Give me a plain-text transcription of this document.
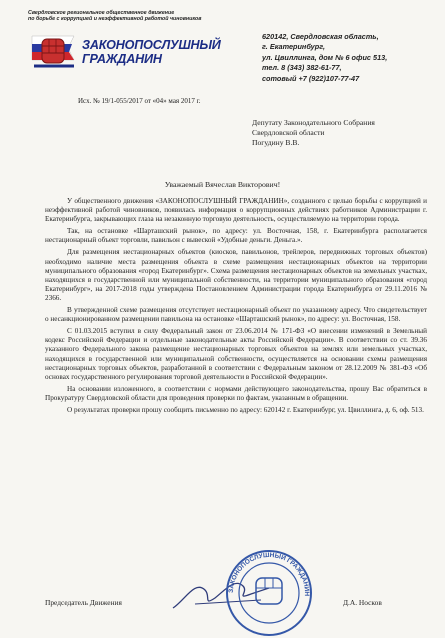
Свердловское региональное общественное движение
по борьбе с коррупцией и неэффективной работой чиновников
ЗАКОНОПОСЛУШНЫЙ
ГРАЖДАНИН
620142, Свердловская область,
г. Екатеринбург,
ул. Цвиллинга, дом № 6 офис 513,
тел. 8 (343) 382-61-77,
сотовый +7 (922)107-77-47
Исх. № 19/1-055/2017 от «04» мая 2017 г.
Депутату Законодательного Собрания
Свердловской области
Погудину В.В.
Уважаемый Вячеслав Викторович!

У общественного движения «ЗАКОНОПОСЛУШНЫЙ ГРАЖДАНИН», созданного с целью борьбы с коррупцией и неэффективной работой чиновников, появилась информация о коррупционных действиях работников Администрации г. Екатеринбурга, закрывающих глаза на незаконную торговую деятельность, осуществляемую на территории города.

Так, на остановке «Шарташский рынок», по адресу: ул. Восточная, 158, г. Екатеринбурга располагается нестационарный объект торговли, павильон с вывеской «Удобные деньги. Деньга.».

Для размещения нестационарных объектов (киосков, павильонов, трейлеров, передвижных торговых объектов) необходимо наличие места размещения объекта в схеме размещения нестационарных объектов на территории муниципального образования «город Екатеринбург». Схема размещения нестационарных объектов на земельных участках, находящихся в государственной или муниципальной собственности, на территории муниципального образования «город Екатеринбург», на 2017-2018 годы утверждена Постановлением Администрации города Екатеринбурга от 29.11.2016 № 2366.

В утвержденной схеме размещения отсутствует нестационарный объект по указанному адресу. Что свидетельствует о несанкционированном размещении павильона на остановке «Шарташский рынок», по адресу: ул. Восточная, 158.

С 01.03.2015 вступил в силу Федеральный закон от 23.06.2014 № 171-ФЗ «О внесении изменений в Земельный кодекс Российской Федерации и отдельные законодательные акты Российской Федерации». В соответствии со ст. 39.36 указанного Федерального закона размещение нестационарных торговых объектов на землях или земельных участках, находящихся в государственной или муниципальной собственности, осуществляется на основании схемы размещения нестационарных торговых объектов, разработанной в соответствии с Федеральным законом от 28.12.2009 № 381-ФЗ «Об основах государственного регулирования торговой деятельности в Российской Федерации».

На основании изложенного, в соответствии с нормами действующего законодательства, прошу Вас обратиться в Прокуратуру Свердловской области для проведения проверки по фактам, указанным в обращении.

О результатах проверки прошу сообщить письменно по адресу: 620142 г. Екатеринбург, ул. Цвиллинга, д. 6, оф. 513.

ЗАКОНОПОСЛУШНЫЙ ГРАЖДАНИН
Председатель Движения	Д.А. Носков
